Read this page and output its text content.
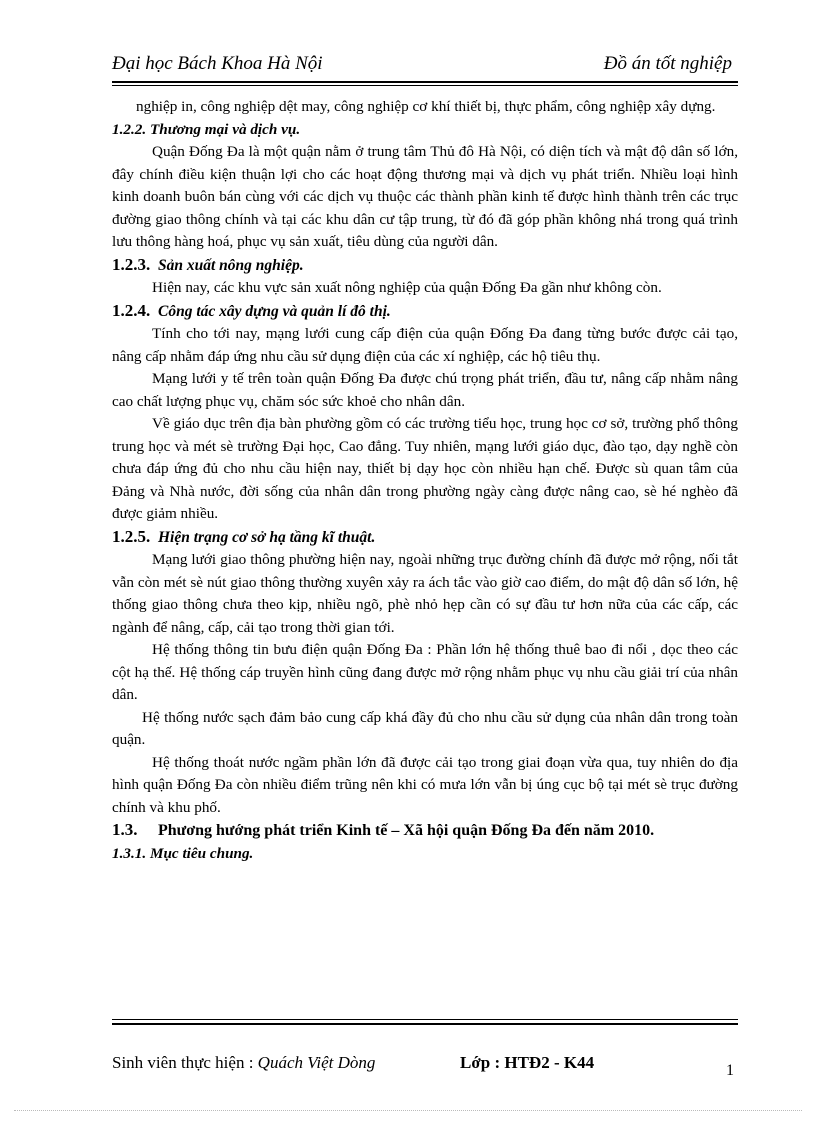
Đại học Bách Khoa Hà Nội	Đồ án tốt nghiệp

nghiệp in, công nghiệp dệt may, công nghiệp cơ khí thiết bị, thực phẩm, công nghiệp xây dựng.

1.2.2. Thương mại và dịch vụ.

Quận Đống Đa là một quận nằm ở trung tâm Thủ đô Hà Nội, có diện tích và mật độ dân số lớn, đây chính điều kiện thuận lợi cho các hoạt động thương mại và dịch vụ phát triển. Nhiều loại hình kinh doanh buôn bán cùng với các dịch vụ thuộc các thành phần kinh tế được hình thành trên các trục đường giao thông chính và tại các khu dân cư tập trung, từ đó đã góp phần không nhá trong quá trình lưu thông hàng hoá, phục vụ sản xuất, tiêu dùng của người dân.

1.2.3. Sản xuất nông nghiệp.

Hiện nay, các khu vực sản xuất nông nghiệp của quận Đống Đa gần như không còn.

1.2.4. Công tác xây dựng và quản lí đô thị.

Tính cho tới nay, mạng lưới cung cấp điện của quận Đống Đa đang từng bước được cải tạo, nâng cấp nhằm đáp ứng nhu cầu sử dụng điện của các xí nghiệp, các hộ tiêu thụ.

Mạng lưới y tế trên toàn quận Đống Đa được chú trọng phát triển, đầu tư, nâng cấp nhằm nâng cao chất lượng phục vụ, chăm sóc sức khoẻ cho nhân dân.

Về giáo dục trên địa bàn phường gồm có các trường tiểu học, trung học cơ sở, trường phổ thông trung học và mét sè trường Đại học, Cao đẳng. Tuy nhiên, mạng lưới giáo dục, đào tạo, dạy nghề còn chưa đáp ứng đủ cho nhu cầu hiện nay, thiết bị dạy học còn nhiều hạn chế. Được sù quan tâm của Đảng và Nhà nước, đời sống của nhân dân trong phường ngày càng được nâng cao, sè hé nghèo đã được giảm nhiều.

1.2.5. Hiện trạng cơ sở hạ tầng kĩ thuật.

Mạng lưới giao thông phường hiện nay, ngoài những trục đường chính đã được mở rộng, nối tắt vẫn còn mét sè nút giao thông thường xuyên xảy ra ách tắc vào giờ cao điểm, do mật độ dân số lớn, hệ thống giao thông chưa theo kịp, nhiều ngõ, phè nhỏ hẹp cần có sự đầu tư hơn nữa của các cấp, các ngành để nâng, cấp, cải tạo trong thời gian tới.

Hệ thống thông tin bưu điện quận Đống Đa : Phần lớn hệ thống thuê bao đi nổi , dọc theo các cột hạ thế. Hệ thống cáp truyền hình cũng đang được mở rộng nhằm phục vụ nhu cầu giải trí của nhân dân.

Hệ thống nước sạch đảm bảo cung cấp khá đầy đủ cho nhu cầu sử dụng của nhân dân trong toàn quận.

Hệ thống thoát nước ngầm phần lớn đã được cải tạo trong giai đoạn vừa qua, tuy nhiên do địa hình quận Đống Đa còn nhiều điểm trũng nên khi có mưa lớn vẫn bị úng cục bộ tại mét sè trục đường chính và khu phố.

1.3. Phương hướng phát triển Kinh tế – Xã hội quận Đống Đa đến năm 2010.

1.3.1. Mục tiêu chung.

Sinh viên thực hiện : Quách Việt Dòng	Lớp : HTĐ2 - K44	1
